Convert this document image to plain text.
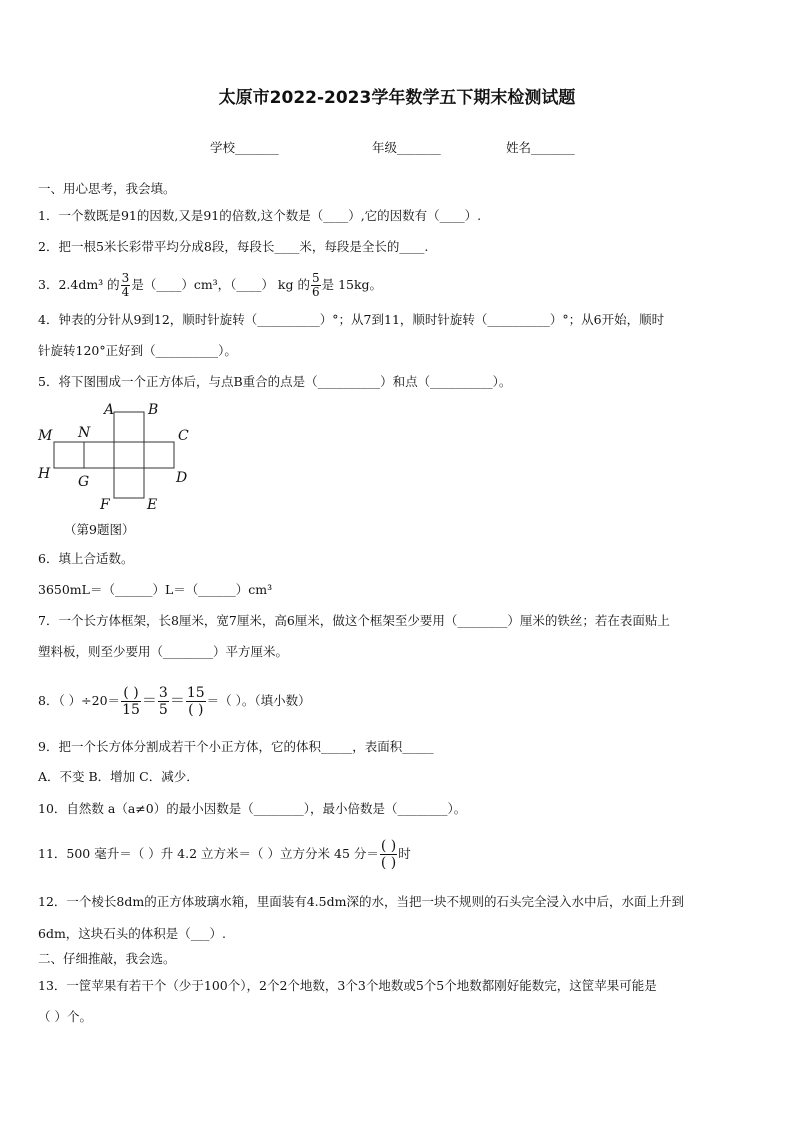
太原市2022-2023学年数学五下期末检测试题
学校_______	年级_______	姓名_______
一、用心思考，我会填。
1．一个数既是91的因数,又是91的倍数,这个数是（____）,它的因数有（____）.
2．把一根5米长彩带平均分成8段，每段长____米，每段是全长的____.
3．2.4dm³ 的 $\frac{3}{4}$ 是（____）cm³，（____） kg 的 $\frac{5}{6}$ 是 15kg。
4．钟表的分针从9到12，顺时针旋转（__________）°；从7到11，顺时针旋转（__________）°；从6开始，顺时
针旋转120°正好到（__________）。
5．将下图围成一个正方体后，与点B重合的点是（__________）和点（__________）。
A B
M N	C
H G	D
F	E
（第9题图）
6．填上合适数。
3650mL＝（______）L＝（______）cm³
7．一个长方体框架，长8厘米，宽7厘米，高6厘米，做这个框架至少要用（________）厘米的铁丝；若在表面贴上
塑料板，则至少要用（________）平方厘米。
8．（ ）$\div 20= \frac{( )}{15} = \frac{3}{5} = \frac{15}{( )}$ ＝（ ）。（填小数）
9．把一个长方体分割成若干个小正方体，它的体积_____，表面积_____
A．不变 B．增加 C．减少．
10．自然数 a（a≠0）的最小因数是（________），最小倍数是（________）。
11．500 毫升＝（ ）升 4.2 立方米＝（ ）立方分米 45 分＝ $\frac{( )}{( )}$ 时
12．一个棱长8dm的正方体玻璃水箱，里面装有4.5dm深的水，当把一块不规则的石头完全浸入水中后，水面上升到
6dm，这块石头的体积是（___）.
二、仔细推敲，我会选。
13．一筐苹果有若干个（少于100个），2个2个地数，3个3个地数或5个5个地数都刚好能数完，这筐苹果可能是
（ ）个。
